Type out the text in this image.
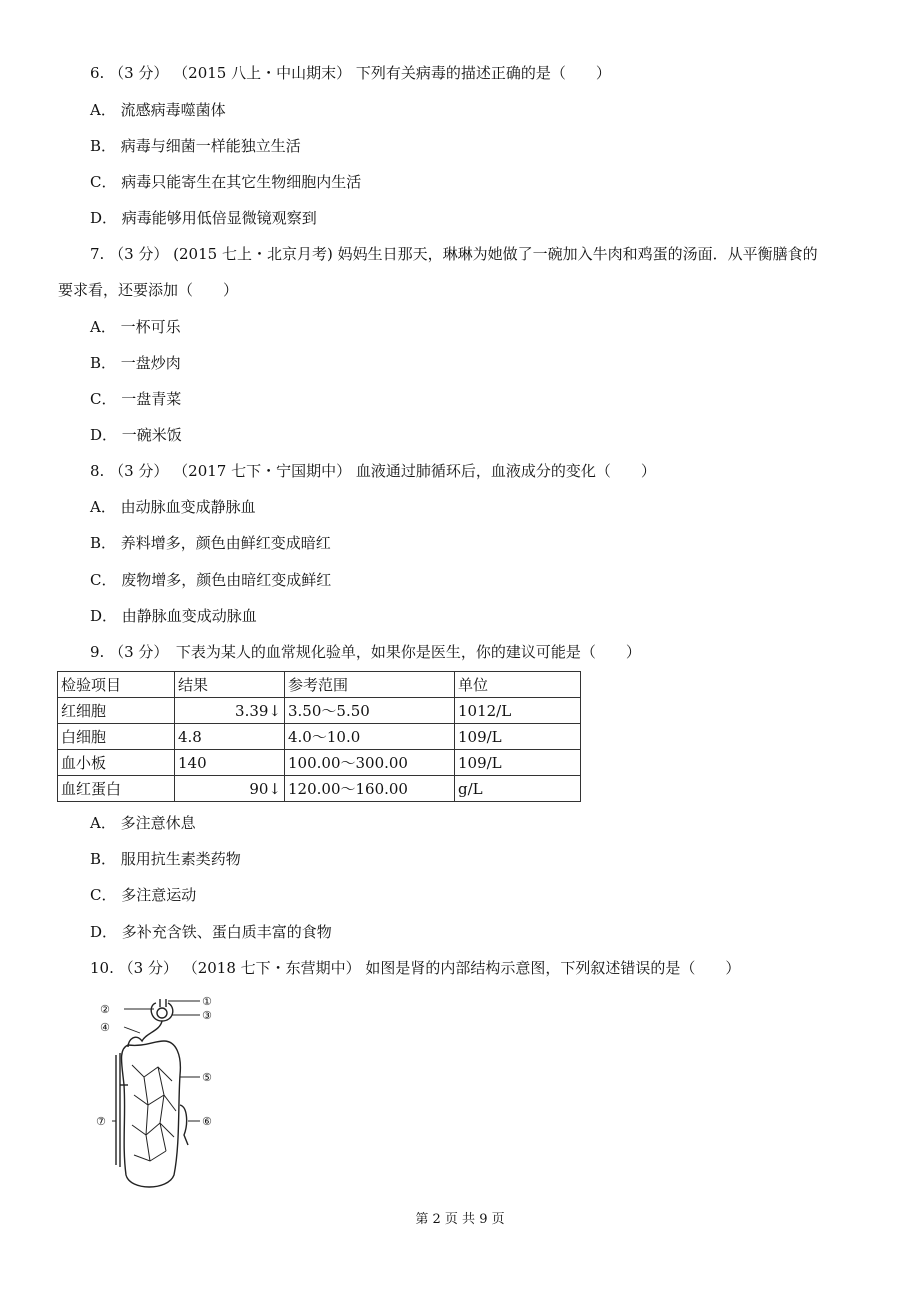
6. （3 分） （2015 八上・中山期末） 下列有关病毒的描述正确的是（　　）
A． 流感病毒噬菌体
B． 病毒与细菌一样能独立生活
C． 病毒只能寄生在其它生物细胞内生活
D． 病毒能够用低倍显微镜观察到
7. （3 分） (2015 七上・北京月考) 妈妈生日那天，琳琳为她做了一碗加入牛肉和鸡蛋的汤面．从平衡膳食的
要求看，还要添加（　　）
A． 一杯可乐
B． 一盘炒肉
C． 一盘青菜
D． 一碗米饭
8. （3 分） （2017 七下・宁国期中） 血液通过肺循环后，血液成分的变化（　　）
A． 由动脉血变成静脉血
B． 养料增多，颜色由鲜红变成暗红
C． 废物增多，颜色由暗红变成鲜红
D． 由静脉血变成动脉血
9. （3 分）　下表为某人的血常规化验单，如果你是医生，你的建议可能是（　　）
检验项目	结果	参考范围	单位
红细胞	3.39↓	3.50～5.50	1012/L
白细胞	4.8	4.0～10.0	109/L
血小板	140	100.00～300.00	109/L
血红蛋白	90↓	120.00～160.00	g/L
A． 多注意休息
B． 服用抗生素类药物
C． 多注意运动
D． 多补充含铁、蛋白质丰富的食物
10. （3 分） （2018 七下・东营期中） 如图是肾的内部结构示意图，下列叙述错误的是（　　）
①
②	③
④
⑤
⑥
⑦
第 2 页 共 9 页
